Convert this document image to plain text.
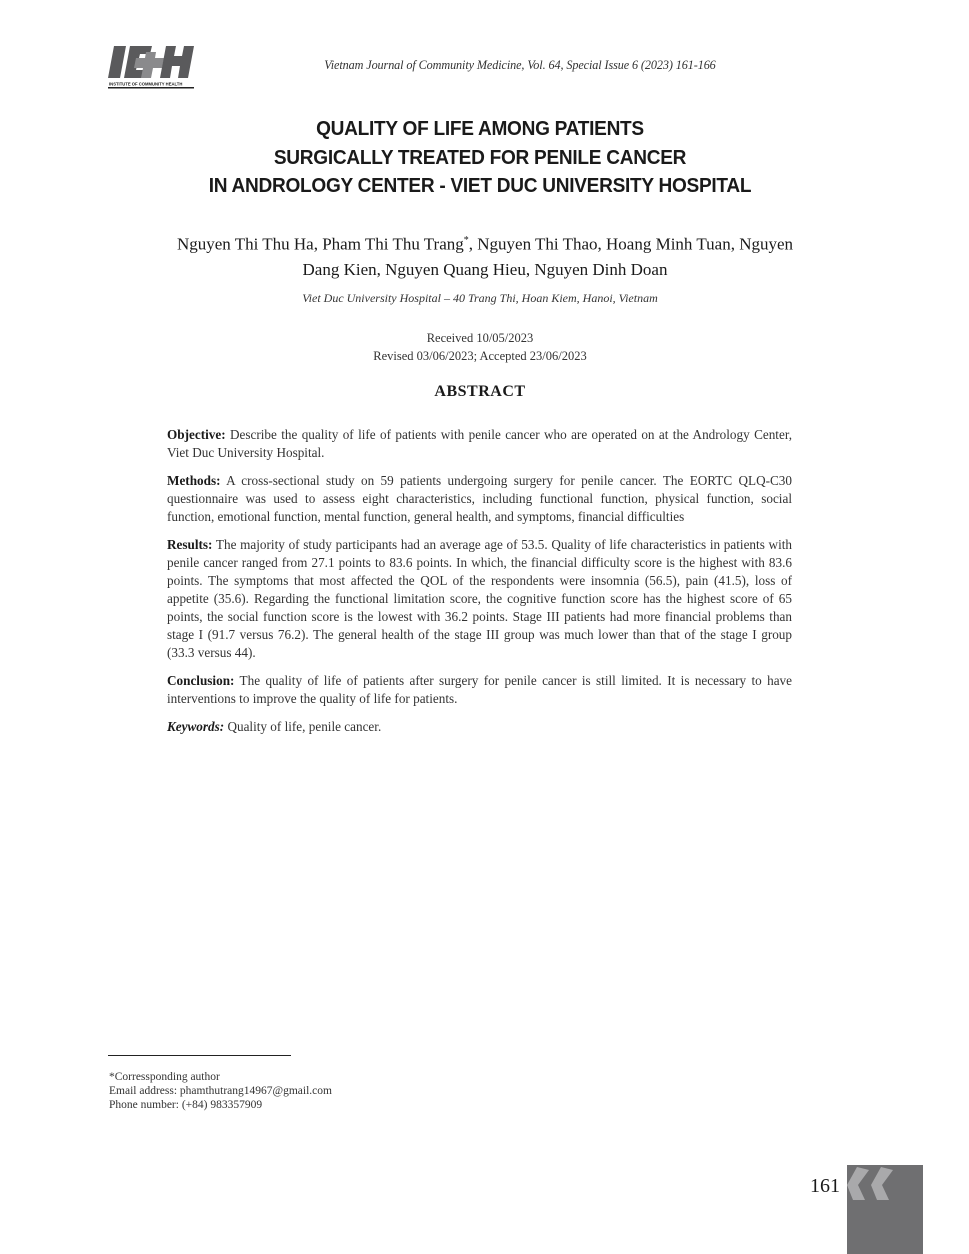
INSTITUTE OF COMMUNITY HEALTH
Vietnam Journal of Community Medicine, Vol. 64, Special Issue 6 (2023) 161-166
QUALITY OF LIFE AMONG PATIENTS
SURGICALLY TREATED FOR PENILE CANCER
IN ANDROLOGY CENTER - VIET DUC UNIVERSITY HOSPITAL
Nguyen Thi Thu Ha, Pham Thi Thu Trang*, Nguyen Thi Thao, Hoang Minh Tuan, Nguyen
Dang Kien, Nguyen Quang Hieu, Nguyen Dinh Doan
Viet Duc University Hospital – 40 Trang Thi, Hoan Kiem, Hanoi, Vietnam
Received 10/05/2023
Revised 03/06/2023; Accepted 23/06/2023
ABSTRACT

Objective: Describe the quality of life of patients with penile cancer who are operated on at the Andrology Center, Viet Duc University Hospital.

Methods: A cross-sectional study on 59 patients undergoing surgery for penile cancer. The EORTC QLQ-C30 questionnaire was used to assess eight characteristics, including functional function, physical function, social function, emotional function, mental function, general health, and symptoms, financial difficulties

Results: The majority of study participants had an average age of 53.5. Quality of life characteristics in patients with penile cancer ranged from 27.1 points to 83.6 points. In which, the financial difficulty score is the highest with 83.6 points. The symptoms that most affected the QOL of the respondents were insomnia (56.5), pain (41.5), loss of appetite (35.6). Regarding the functional limitation score, the cognitive function score has the highest score of 65 points, the social function score is the lowest with 36.2 points. Stage III patients had more financial problems than stage I (91.7 versus 76.2). The general health of the stage III group was much lower than that of the stage I group (33.3 versus 44).

Conclusion: The quality of life of patients after surgery for penile cancer is still limited. It is necessary to have interventions to improve the quality of life for patients.

Keywords: Quality of life, penile cancer.

*Corressponding author
Email address: phamthutrang14967@gmail.com
Phone number: (+84) 983357909
161
